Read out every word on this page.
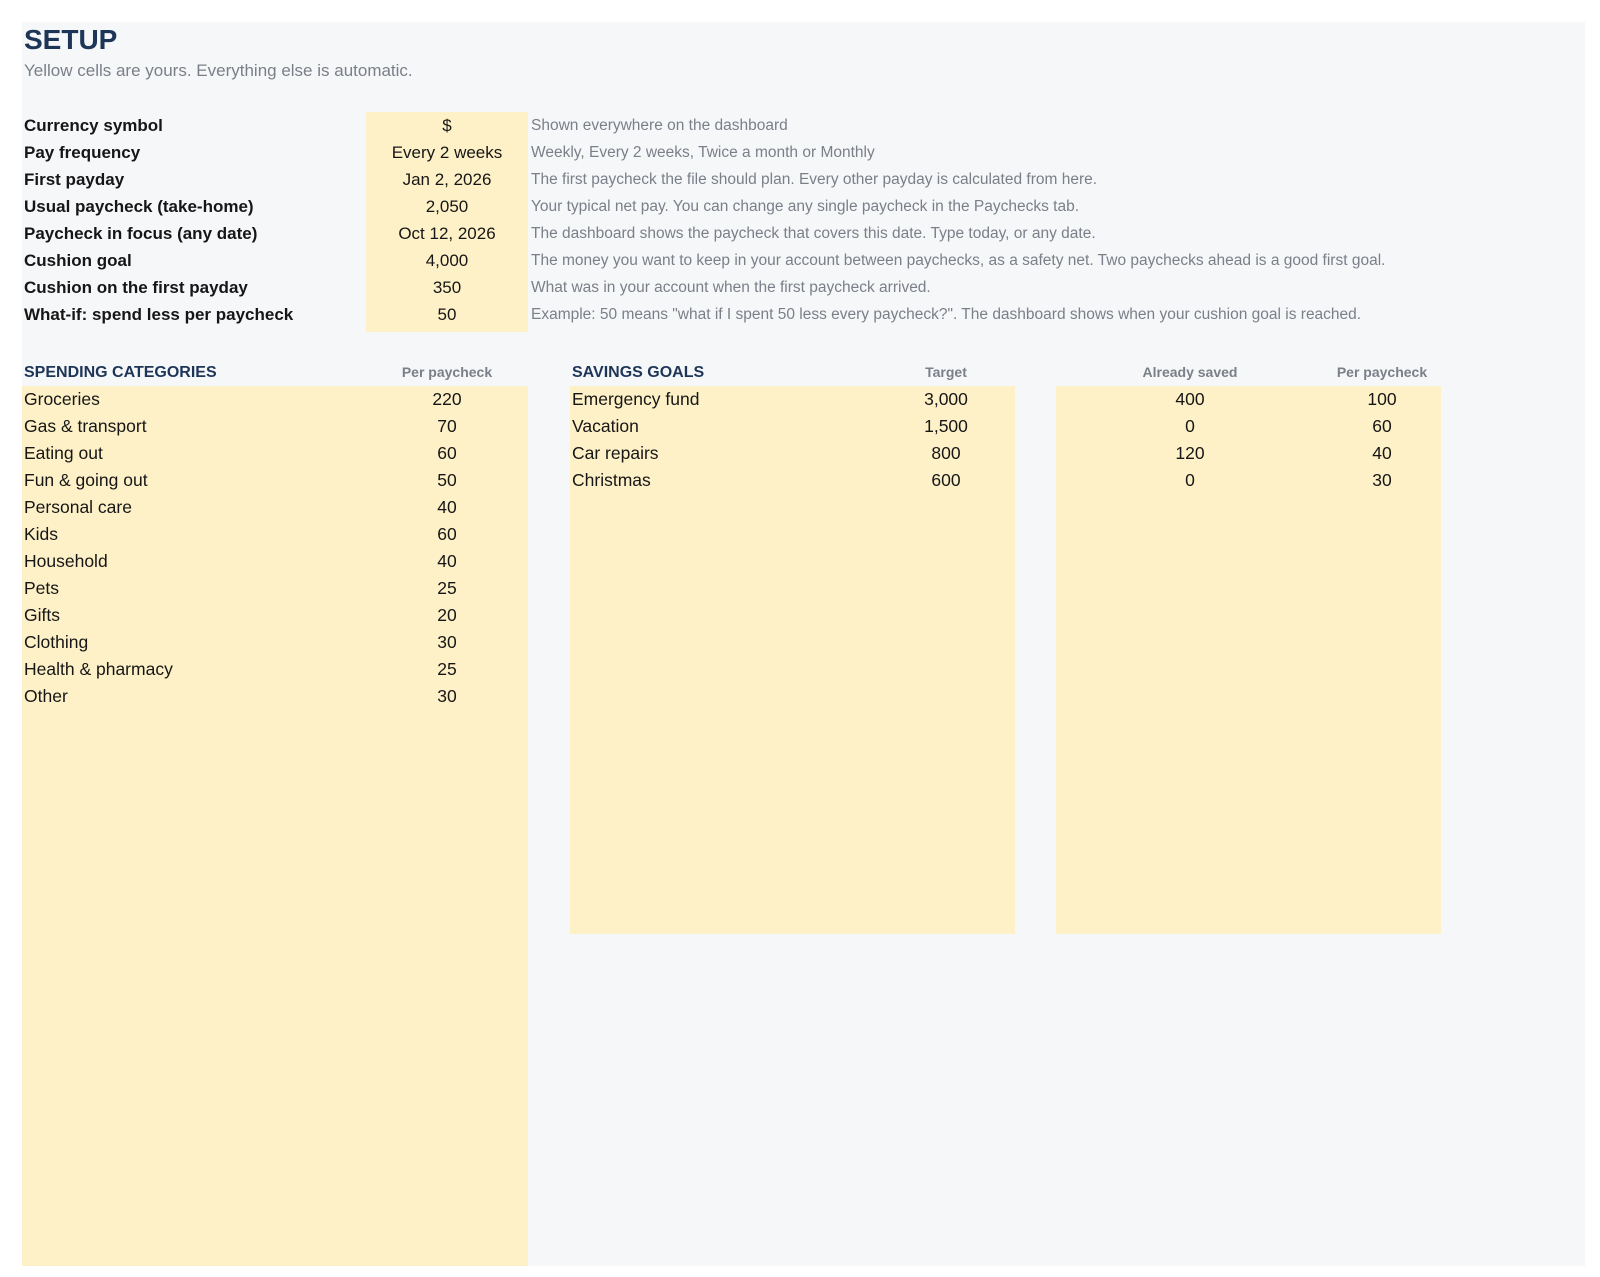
SETUP
Yellow cells are yours. Everything else is automatic.
Currency symbol	$	Shown everywhere on the dashboard
Pay frequency	Every 2 weeks	Weekly, Every 2 weeks, Twice a month or Monthly
First payday	Jan 2, 2026	The first paycheck the file should plan. Every other payday is calculated from here.
Usual paycheck (take-home)	2,050	Your typical net pay. You can change any single paycheck in the Paychecks tab.
Paycheck in focus (any date)	Oct 12, 2026	The dashboard shows the paycheck that covers this date. Type today, or any date.
Cushion goal	4,000	The money you want to keep in your account between paychecks, as a safety net. Two paychecks ahead is a good first goal.
Cushion on the first payday	350	What was in your account when the first paycheck arrived.
What-if: spend less per paycheck	50	Example: 50 means "what if I spent 50 less every paycheck?". The dashboard shows when your cushion goal is reached.
SPENDING CATEGORIES	Per paycheck	SAVINGS GOALS	Target	Already saved	Per paycheck
Groceries	220
Gas & transport	70
Eating out	60
Fun & going out	50
Personal care	40
Kids	60
Household	40
Pets	25
Gifts	20
Clothing	30
Health & pharmacy	25
Other	30
Emergency fund	3,000	400	100
Vacation	1,500	0	60
Car repairs	800	120	40
Christmas	600	0	30
